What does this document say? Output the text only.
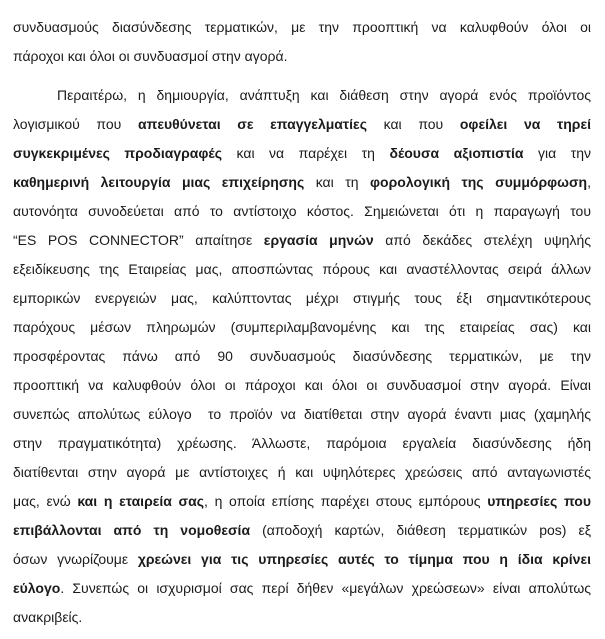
συνδυασμούς διασύνδεσης τερματικών, με την προοπτική να καλυφθούν όλοι οι
πάροχοι και όλοι οι συνδυασμοί στην αγορά.
Περαιτέρω, η δημιουργία, ανάπτυξη και διάθεση στην αγορά ενός προϊόντος
λογισμικού που απευθύνεται σε επαγγελματίες και που οφείλει να τηρεί
συγκεκριμένες προδιαγραφές και να παρέχει τη δέουσα αξιοπιστία για την
καθημερινή λειτουργία μιας επιχείρησης και τη φορολογική της συμμόρφωση,
αυτονόητα συνοδεύεται από το αντίστοιχο κόστος. Σημειώνεται ότι η παραγωγή του
“ES POS CONNECTOR” απαίτησε εργασία μηνών από δεκάδες στελέχη υψηλής
εξειδίκευσης της Εταιρείας μας, αποσπώντας πόρους και αναστέλλοντας σειρά άλλων
εμπορικών ενεργειών μας, καλύπτοντας μέχρι στιγμής τους έξι σημαντικότερους
παρόχους μέσων πληρωμών (συμπεριλαμβανομένης και της εταιρείας σας) και
προσφέροντας πάνω από 90 συνδυασμούς διασύνδεσης τερματικών, με την
προοπτική να καλυφθούν όλοι οι πάροχοι και όλοι οι συνδυασμοί στην αγορά. Είναι
συνεπώς απολύτως εύλογο  το προϊόν να διατίθεται στην αγορά έναντι μιας (χαμηλής
στην πραγματικότητα) χρέωσης. Άλλωστε, παρόμοια εργαλεία διασύνδεσης ήδη
διατίθενται στην αγορά με αντίστοιχες ή και υψηλότερες χρεώσεις από ανταγωνιστές
μας, ενώ και η εταιρεία σας, η οποία επίσης παρέχει στους εμπόρους υπηρεσίες που
επιβάλλονται από τη νομοθεσία (αποδοχή καρτών, διάθεση τερματικών pos) εξ
όσων γνωρίζουμε χρεώνει για τις υπηρεσίες αυτές το τίμημα που η ίδια κρίνει
εύλογο. Συνεπώς οι ισχυρισμοί σας περί δήθεν «μεγάλων χρεώσεων» είναι απολύτως
ανακριβείς.
